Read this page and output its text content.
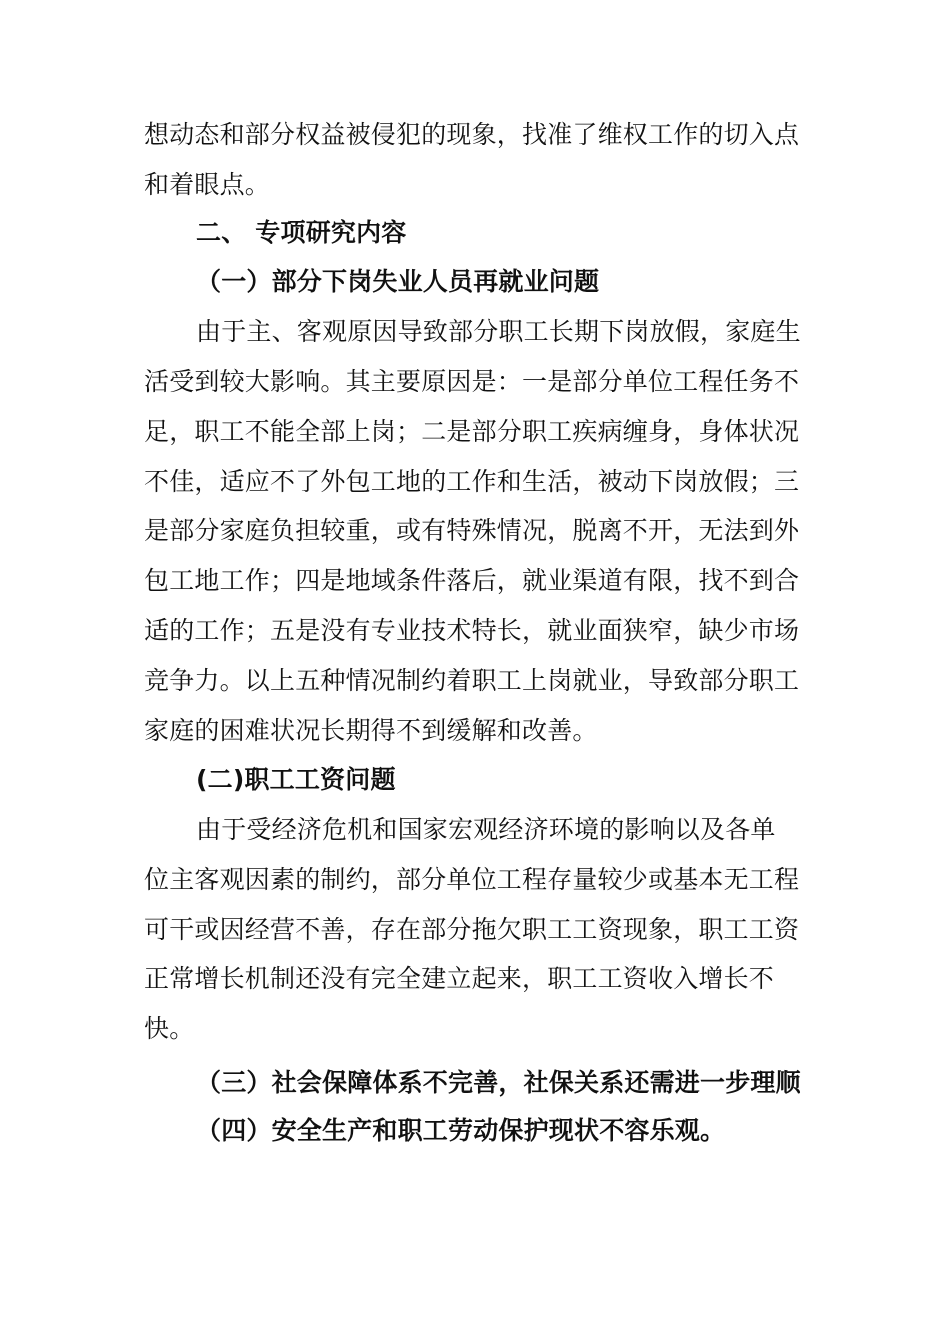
想动态和部分权益被侵犯的现象，找准了维权工作的切入点
和着眼点。
二、 专项研究内容
（一）部分下岗失业人员再就业问题
由于主、客观原因导致部分职工长期下岗放假，家庭生
活受到较大影响。其主要原因是：一是部分单位工程任务不
足，职工不能全部上岗；二是部分职工疾病缠身，身体状况
不佳，适应不了外包工地的工作和生活，被动下岗放假；三
是部分家庭负担较重，或有特殊情况，脱离不开，无法到外
包工地工作；四是地域条件落后，就业渠道有限，找不到合
适的工作；五是没有专业技术特长，就业面狭窄，缺少市场
竞争力。以上五种情况制约着职工上岗就业，导致部分职工
家庭的困难状况长期得不到缓解和改善。
(二)职工工资问题
由于受经济危机和国家宏观经济环境的影响以及各单
位主客观因素的制约，部分单位工程存量较少或基本无工程
可干或因经营不善，存在部分拖欠职工工资现象，职工工资
正常增长机制还没有完全建立起来，职工工资收入增长不
快。
（三）社会保障体系不完善，社保关系还需进一步理顺
（四）安全生产和职工劳动保护现状不容乐观。
